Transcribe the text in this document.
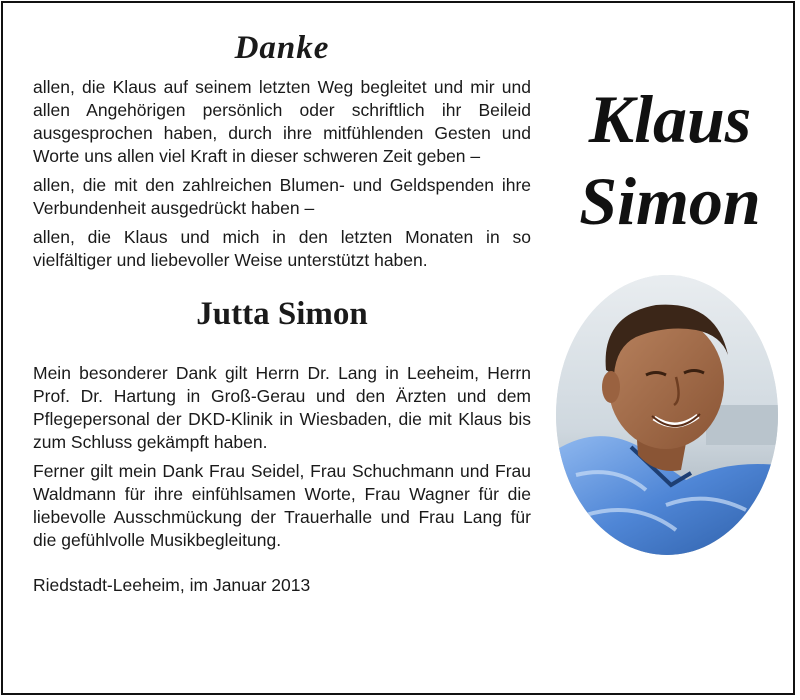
Danke

allen, die Klaus auf seinem letzten Weg begleitet und mir und allen Angehörigen persönlich oder schriftlich ihr Beileid ausgesprochen haben, durch ihre mitfühlenden Gesten und Worte uns allen viel Kraft in dieser schweren Zeit geben –

allen, die mit den zahlreichen Blumen- und Geldspenden ihre Verbundenheit ausgedrückt haben –

allen, die Klaus und mich in den letzten Monaten in so vielfältiger und liebevoller Weise unterstützt haben.

Jutta Simon

Mein besonderer Dank gilt Herrn Dr. Lang in Leeheim, Herrn Prof. Dr. Hartung in Groß-Gerau und den Ärzten und dem Pflegepersonal der DKD-Klinik in Wiesbaden, die mit Klaus bis zum Schluss gekämpft haben.

Ferner gilt mein Dank Frau Seidel, Frau Schuchmann und Frau Waldmann für ihre einfühlsamen Worte, Frau Wagner für die liebevolle Ausschmückung der Trauerhalle und Frau Lang für die gefühlvolle Musikbegleitung.

Riedstadt-Leeheim, im Januar 2013
Klaus
Simon
